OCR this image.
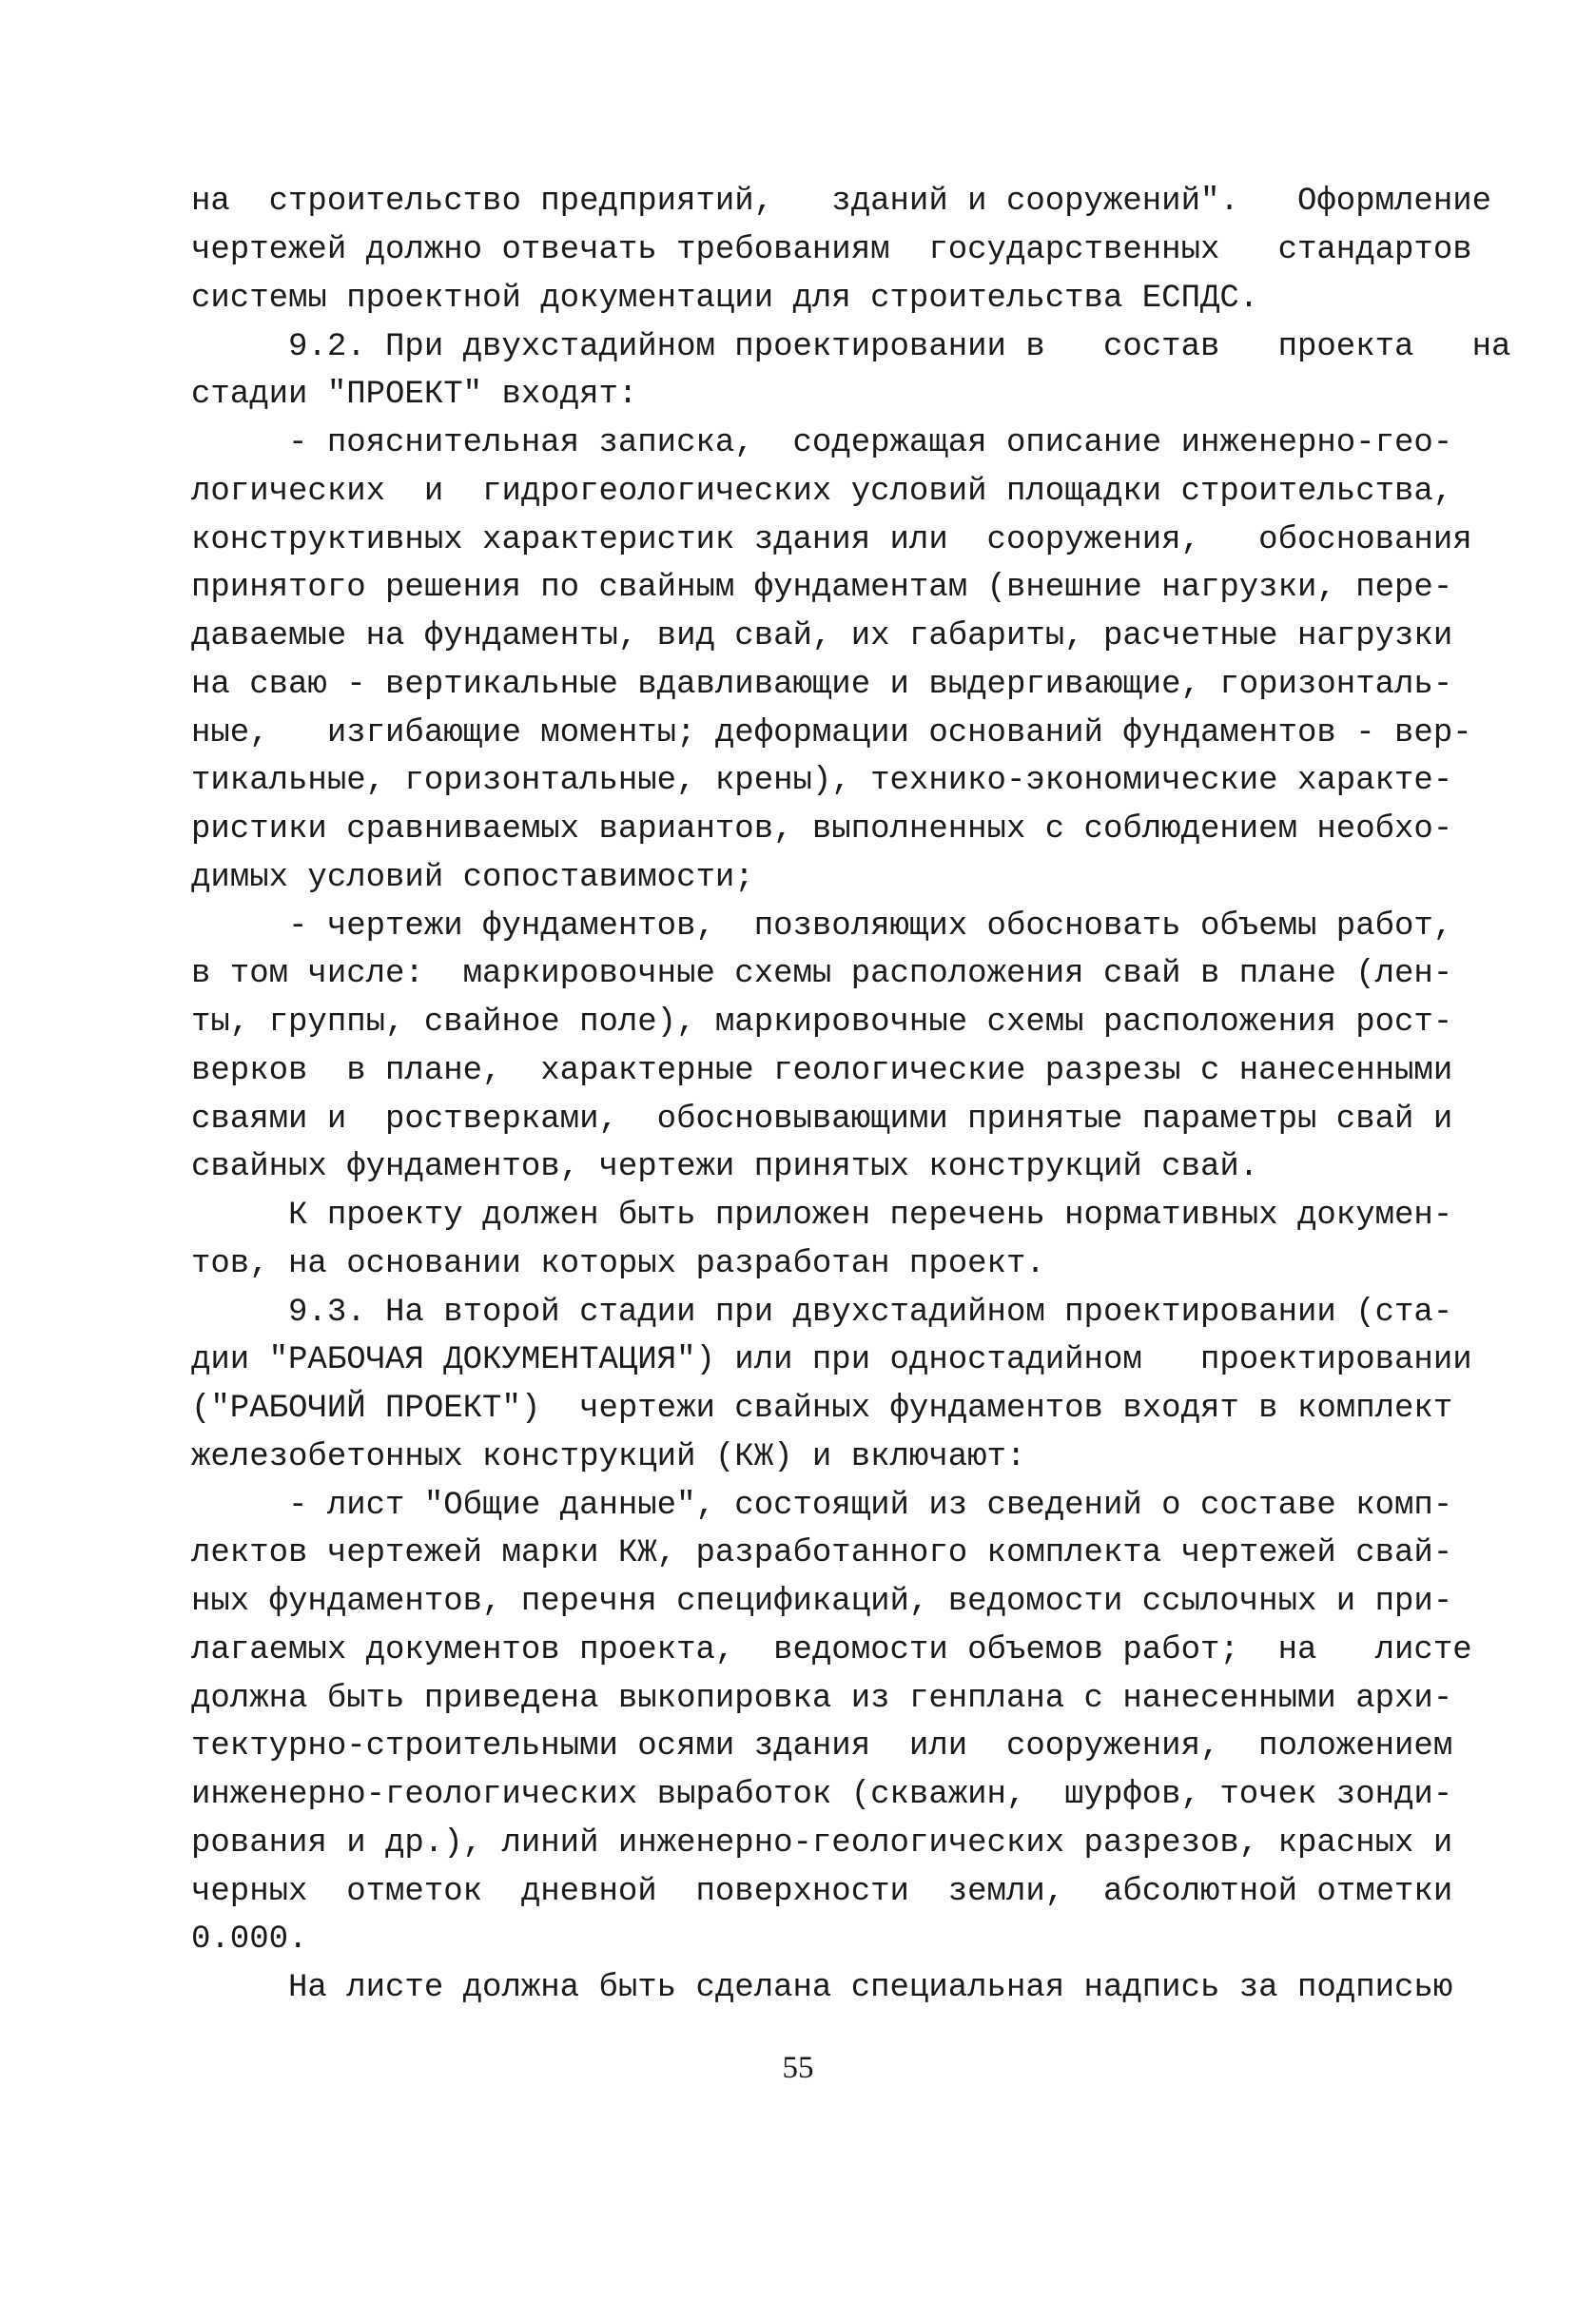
на  строительство предприятий,   зданий и сооружений".   Оформление
чертежей должно отвечать требованиям  государственных   стандартов
системы проектной документации для строительства ЕСПДС.
9.2. При двухстадийном проектировании в   состав   проекта   на
стадии "ПРОЕКТ" входят:
- пояснительная записка,  содержащая описание инженерно-гео-
логических  и  гидрогеологических условий площадки строительства,
конструктивных характеристик здания или  сооружения,   обоснования
принятого решения по свайным фундаментам (внешние нагрузки, пере-
даваемые на фундаменты, вид свай, их габариты, расчетные нагрузки
на сваю - вертикальные вдавливающие и выдергивающие, горизонталь-
ные,   изгибающие моменты; деформации оснований фундаментов - вер-
тикальные, горизонтальные, крены), технико-экономические характе-
ристики сравниваемых вариантов, выполненных с соблюдением необхо-
димых условий сопоставимости;
- чертежи фундаментов,  позволяющих обосновать объемы работ,
в том числе:  маркировочные схемы расположения свай в плане (лен-
ты, группы, свайное поле), маркировочные схемы расположения рост-
верков  в плане,  характерные геологические разрезы с нанесенными
сваями и  ростверками,  обосновывающими принятые параметры свай и
свайных фундаментов, чертежи принятых конструкций свай.
К проекту должен быть приложен перечень нормативных докумен-
тов, на основании которых разработан проект.
9.3. На второй стадии при двухстадийном проектировании (ста-
дии "РАБОЧАЯ ДОКУМЕНТАЦИЯ") или при одностадийном   проектировании
("РАБОЧИЙ ПРОЕКТ")  чертежи свайных фундаментов входят в комплект
железобетонных конструкций (КЖ) и включают:
- лист "Общие данные", состоящий из сведений о составе комп-
лектов чертежей марки КЖ, разработанного комплекта чертежей свай-
ных фундаментов, перечня спецификаций, ведомости ссылочных и при-
лагаемых документов проекта,  ведомости объемов работ;  на   листе
должна быть приведена выкопировка из генплана с нанесенными архи-
тектурно-строительными осями здания  или  сооружения,  положением
инженерно-геологических выработок (скважин,  шурфов, точек зонди-
рования и др.), линий инженерно-геологических разрезов, красных и
черных  отметок  дневной  поверхности  земли,  абсолютной отметки
0.000.
На листе должна быть сделана специальная надпись за подписью
55
